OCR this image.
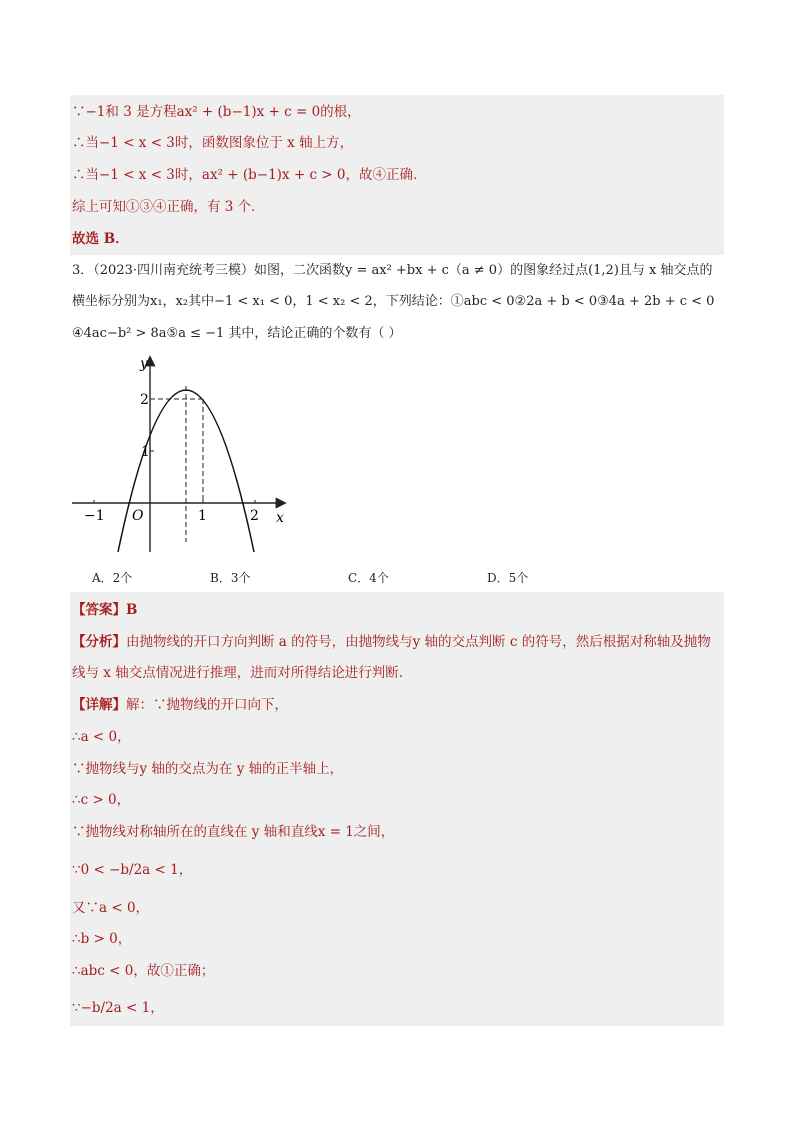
∵−1和 3 是方程ax² + (b−1)x + c = 0的根，
∴当−1 < x < 3时，函数图象位于 x 轴上方，
∴当−1 < x < 3时，ax² + (b−1)x + c > 0，故④正确．
综上可知①③④正确，有 3 个．
故选 B．
3．（2023·四川南充统考三模）如图，二次函数y = ax² +bx + c（a ≠ 0）的图象经过点(1,2)且与 x 轴交点的
横坐标分别为x₁，x₂其中−1 < x₁ < 0，1 < x₂ < 2，下列结论：①abc < 0②2a + b < 0③4a + 2b + c < 0
④4ac−b² > 8a⑤a ≤ −1 其中，结论正确的个数有（ ）
y
x
O
2
1
−1	1	2
A．2个	B．3个	C．4个	D．5个
【答案】B
【分析】由抛物线的开口方向判断 a 的符号，由抛物线与y 轴的交点判断 c 的符号，然后根据对称轴及抛物
线与 x 轴交点情况进行推理，进而对所得结论进行判断．
【详解】解：∵抛物线的开口向下，
∴a < 0，
∵抛物线与y 轴的交点为在 y 轴的正半轴上，
∴c > 0，
∵抛物线对称轴所在的直线在 y 轴和直线x = 1之间，
∵0 < −b/2a < 1，
又∵a < 0，
∴b > 0，
∴abc < 0，故①正确；
∵−b/2a < 1，
